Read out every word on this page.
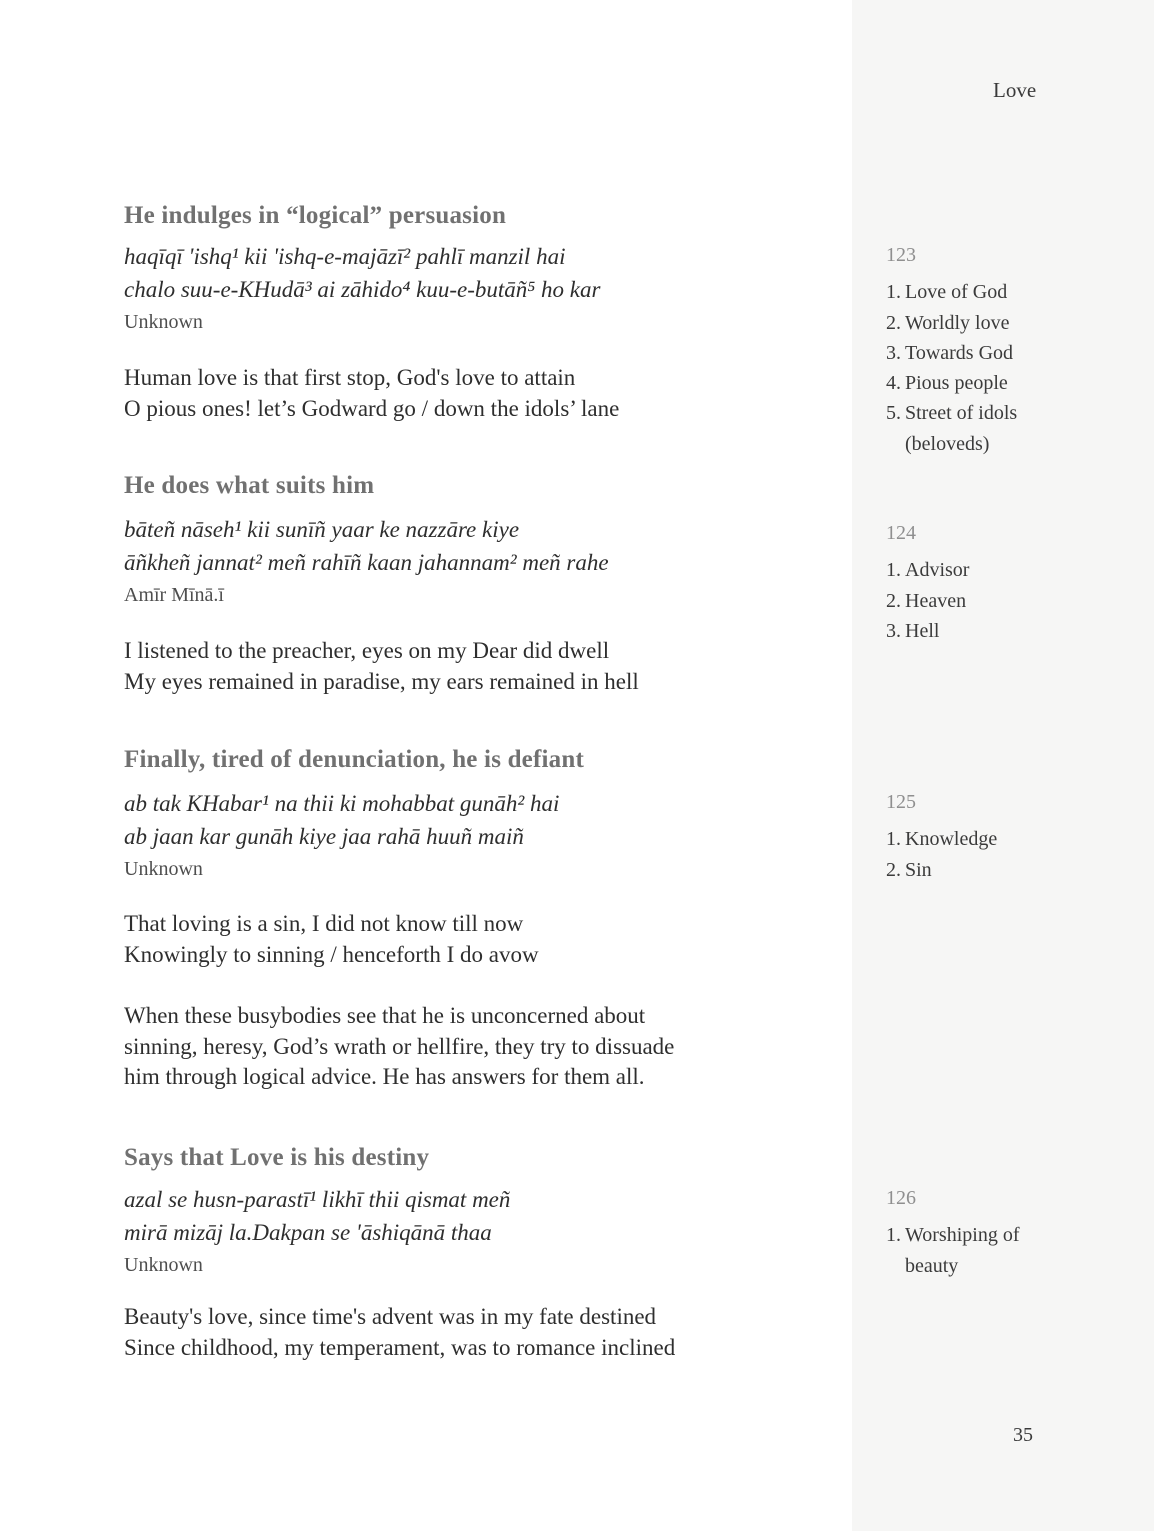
He indulges in “logical” persuasion
haqīqī 'ishq¹ kii 'ishq-e-majāzī² pahlī manzil hai
chalo suu-e-KHudā³ ai zāhido⁴ kuu-e-butāñ⁵ ho kar
Unknown
Human love is that first stop, God's love to attain
O pious ones! let’s Godward go / down the idols’ lane
He does what suits him
bāteñ nāseh¹ kii sunīñ yaar ke nazzāre kiye
āñkheñ jannat² meñ rahīñ kaan jahannam² meñ rahe
Amīr Mīnā.ī
I listened to the preacher, eyes on my Dear did dwell
My eyes remained in paradise, my ears remained in hell
Finally, tired of denunciation, he is defiant
ab tak KHabar¹ na thii ki mohabbat gunāh² hai
ab jaan kar gunāh kiye jaa rahā huuñ maiñ
Unknown
That loving is a sin, I did not know till now
Knowingly to sinning / henceforth I do avow
When these busybodies see that he is unconcerned about
sinning, heresy, God’s wrath or hellfire, they try to dissuade
him through logical advice. He has answers for them all.
Says that Love is his destiny
azal se husn-parastī¹ likhī thii qismat meñ
mirā mizāj la.Dakpan se 'āshiqānā thaa
Unknown
Beauty's love, since time's advent was in my fate destined
Since childhood, my temperament, was to romance inclined
Love
123
1. Love of God
2. Worldly love
3. Towards God
4. Pious people
5. Street of idols
(beloveds)
124
1. Advisor
2. Heaven
3. Hell
125
1. Knowledge
2. Sin
126
1. Worshiping of
beauty
35
